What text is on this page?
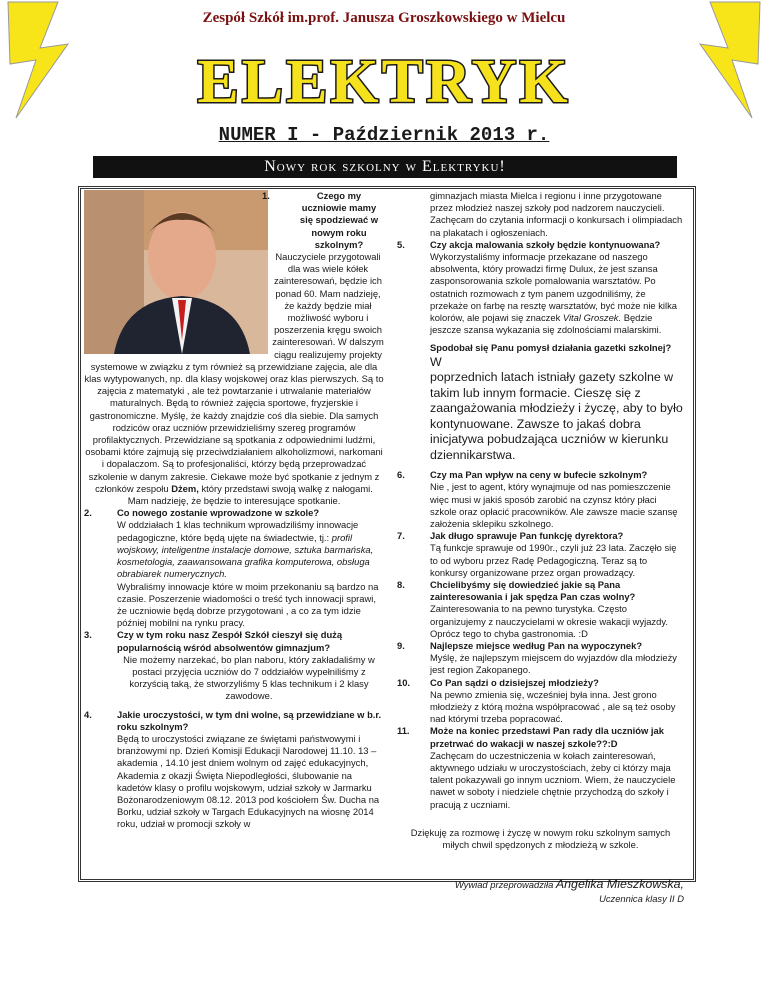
Zespół Szkół im.prof. Janusza Groszkowskiego w Mielcu
ELEKTRYK
NUMER I - Październik 2013 r.
Nowy rok szkolny w Elektryku!

1.	Czego my uczniowie mamy się spodziewać w nowym roku szkolnym?

Nauczyciele przygotowali dla was wiele kółek zainteresowań, będzie ich ponad 60. Mam nadzieję, że każdy będzie miał możliwość wyboru i poszerzenia kręgu swoich zainteresowań. W dalszym ciągu realizujemy projekty systemowe w związku z tym również są przewidziane zajęcia, ale dla klas wytypowanych, np. dla klasy wojskowej oraz klas pierwszych. Są to zajęcia z matematyki , ale też powtarzanie i utrwalanie materiałów maturalnych. Będą to również zajęcia sportowe, fryzjerskie i gastronomiczne. Myślę, że każdy znajdzie coś dla siebie. Dla samych rodziców oraz uczniów przewidzieliśmy szereg programów profilaktycznych. Przewidziane są spotkania z odpowiednimi ludźmi, osobami które zajmują się przeciwdziałaniem alkoholizmowi, narkomani i dopalaczom. Są to profesjonaliści, którzy będą przeprowadzać szkolenie w danym zakresie. Ciekawe może być spotkanie z jednym z członków zespołu Dżem, który przedstawi swoją walkę z nałogami. Mam nadzieję, że będzie to interesujące spotkanie.

2.	Co nowego zostanie wprowadzone w szkole?

W oddziałach 1 klas technikum wprowadziliśmy innowacje pedagogiczne, które będą ujęte na świadectwie, tj.: profil wojskowy, inteligentne instalacje domowe, sztuka barmańska, kosmetologia, zaawansowana grafika komputerowa, obsługa obrabiarek numerycznych.
Wybraliśmy innowacje które w moim przekonaniu są bardzo na czasie. Poszerzenie wiadomości o treść tych innowacji sprawi, że uczniowie będą dobrze przygotowani , a co za tym idzie później mobilni na rynku pracy.

3.	Czy w tym roku nasz Zespół Szkół cieszył się dużą popularnością wśród absolwentów gimnazjum?

Nie możemy narzekać, bo plan naboru, który zakładaliśmy w postaci przyjęcia uczniów do 7 oddziałów wypełniliśmy z korzyścią taką, że stworzyliśmy 5 klas technikum i 2 klasy zawodowe.

4.	Jakie uroczystości, w tym dni wolne, są przewidziane w b.r. roku szkolnym?

Będą to uroczystości związane ze świętami państwowymi i branżowymi np. Dzień Komisji Edukacji Narodowej 11.10. 13 – akademia , 14.10 jest dniem wolnym od zajęć edukacyjnych, Akademia z okazji Święta Niepodległości, ślubowanie na kadetów klasy o profilu wojskowym, udział szkoły w Jarmarku Bożonarodzeniowym 08.12. 2013 pod kościołem Św. Ducha na Borku, udział szkoły w Targach Edukacyjnych na wiosnę 2014 roku, udział w promocji szkoły w

gimnazjach miasta Mielca i regionu i inne przygotowane przez młodzież naszej szkoły pod nadzorem nauczycieli. Zachęcam do czytania informacji o konkursach i olimpiadach na plakatach i ogłoszeniach.

5.	Czy akcja malowania szkoły będzie kontynuowana?

Wykorzystaliśmy informacje przekazane od naszego absolwenta, który prowadzi firmę Dulux, że jest szansa zasponsorowania szkole pomalowania warsztatów. Po ostatnich rozmowach z tym panem uzgodniliśmy, że przekaże on farbę na resztę warsztatów, być może nie kilka kolorów, ale pojawi się znaczek Vital Groszek. Będzie jeszcze szansa wykazania się zdolnościami malarskimi.

Spodobał się Panu pomysł działania gazetki szkolnej? W

poprzednich latach istniały gazety szkolne w takim lub innym formacie. Cieszę się z zaangażowania młodzieży i życzę, aby to było kontynuowane. Zawsze to jakaś dobra inicjatywa pobudzająca uczniów w kierunku dziennikarstwa.

6.	Czy ma Pan wpływ na ceny w bufecie szkolnym?

Nie , jest to agent, który wynajmuje od nas pomieszczenie więc musi w jakiś sposób zarobić na czynsz który płaci szkole oraz opłacić pracowników. Ale zawsze macie szansę założenia sklepiku szkolnego.

7.	Jak długo sprawuje Pan funkcję dyrektora?

Tą funkcje sprawuje od 1990r., czyli już 23 lata. Zaczęło się to od wyboru przez Radę Pedagogiczną. Teraz są to konkursy organizowane przez organ prowadzący.

8.	Chcielibyśmy się dowiedzieć jakie są Pana zainteresowania i jak spędza Pan czas wolny?

Zainteresowania to na pewno turystyka. Często organizujemy z nauczycielami w okresie wakacji wyjazdy. Oprócz tego to chyba gastronomia. :D

9.	Najlepsze miejsce według Pan na wypoczynek?

Myślę, że najlepszym miejscem do wyjazdów dla młodzieży jest region Zakopanego.

10. Co Pan sądzi o dzisiejszej młodzieży?

Na pewno zmienia się, wcześniej była inna. Jest grono młodzieży z którą można współpracować , ale są też osoby nad którymi trzeba popracować.

11. Może na koniec przedstawi Pan rady dla uczniów jak przetrwać do wakacji w naszej szkole??:D

Zachęcam do uczestniczenia w kołach zainteresowań, aktywnego udziału w uroczystościach, żeby ci którzy maja talent pokazywali go innym uczniom. Wiem, że nauczyciele nawet w soboty i niedziele chętnie przychodzą do szkoły i pracują z uczniami.

Dziękuję za rozmowę i życzę w nowym roku szkolnym samych miłych chwil spędzonych z młodzieżą w szkole.

Wywiad przeprowadziła Angelika Mieszkowska,

Uczennica klasy II D
